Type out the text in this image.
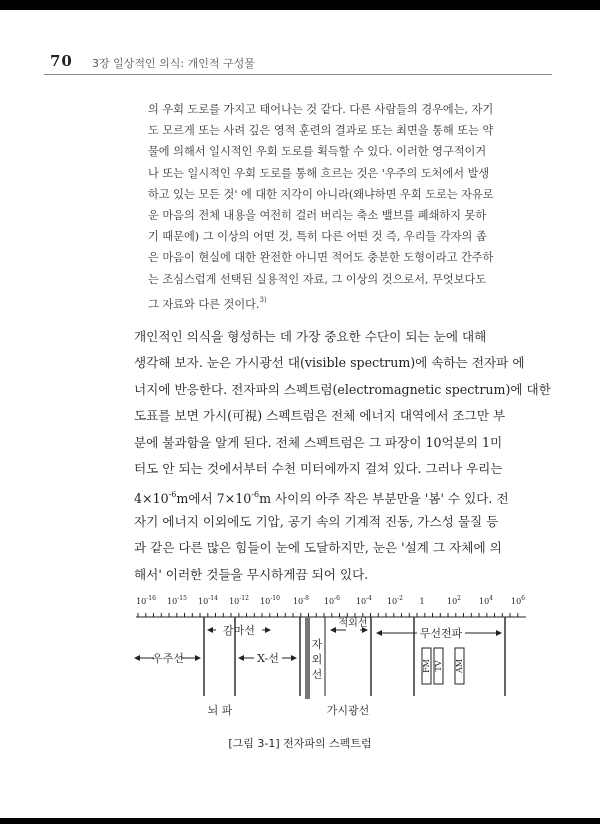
70 3장 일상적인 의식: 개인적 구성물
의 우회 도로를 가지고 태어나는 것 같다. 다른 사람들의 경우에는, 자기
도 모르게 또는 사려 깊은 영적 훈련의 결과로 또는 최면을 통해 또는 약
물에 의해서 일시적인 우회 도로를 획득할 수 있다. 이러한 영구적이거
나 또는 일시적인 우회 도로를 통해 흐르는 것은 '우주의 도처에서 발생
하고 있는 모든 것' 에 대한 지각이 아니라(왜냐하면 우회 도로는 자유로
운 마음의 전체 내용을 여전히 걸러 버리는 축소 밸브를 폐쇄하지 못하
기 때문에) 그 이상의 어떤 것, 특히 다른 어떤 것 즉, 우리들 각자의 좁
은 마음이 현실에 대한 완전한 아니면 적어도 충분한 도형이라고 간주하
는 조심스럽게 선택된 실용적인 자료, 그 이상의 것으로서, 무엇보다도
그 자료와 다른 것이다.$^{3)}$
개인적인 의식을 형성하는 데 가장 중요한 수단이 되는 눈에 대해
생각해 보자. 눈은 가시광선 대(visible spectrum)에 속하는 전자파 에
너지에 반응한다. 전자파의 스펙트럼(electromagnetic spectrum)에 대한
도표를 보면 가시(可視) 스펙트럼은 전체 에너지 대역에서 조그만 부
분에 불과함을 알게 된다. 전체 스펙트럼은 그 파장이 10억분의 1미
터도 안 되는 것에서부터 수천 미터에까지 걸쳐 있다. 그러나 우리는
$4\times 10^{-6}m$에서 $7\times 10^{-6}m$ 사이의 아주 작은 부분만을 '봄' 수 있다. 전
자기 에너지 이외에도 기압, 공기 속의 기계적 진동, 가스성 물질 등
과 같은 다른 많은 힘들이 눈에 도달하지만, 눈은 '설계 그 자체에 의
해서' 이러한 것들을 무시하게끔 되어 있다.
$10^{-16}$ $10^{-15}$ $10^{-14}$ $10^{-12}$ $10^{-10}$ $10^{-8}$ $10^{-6}$ $10^{-4}$ $10^{-2}$ 1	$10^2$ $10^4$ $10^6$
우주선
감마선
X-선
자
외
선
적외선
무선전파
FM TV AM
뇌 파	가시광선
[그림 3-1] 전자파의 스펙트럼
